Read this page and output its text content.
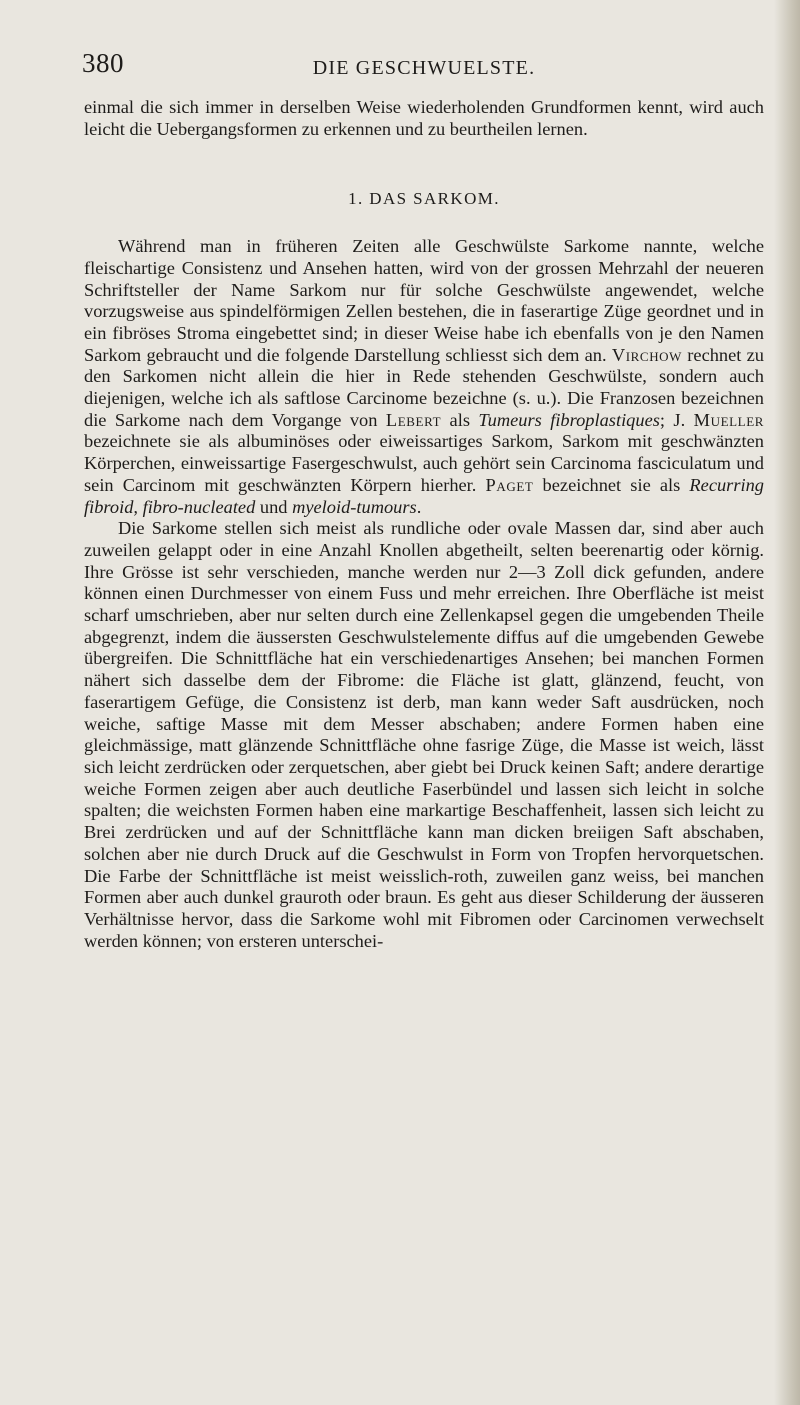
380	DIE GESCHWUELSTE.

einmal die sich immer in derselben Weise wiederholenden Grundformen kennt, wird auch leicht die Uebergangsformen zu erkennen und zu beurtheilen lernen.

1. DAS SARKOM.

Während man in früheren Zeiten alle Geschwülste Sarkome nannte, welche fleischartige Consistenz und Ansehen hatten, wird von der grossen Mehrzahl der neueren Schriftsteller der Name Sarkom nur für solche Geschwülste angewendet, welche vorzugsweise aus spindelförmigen Zellen bestehen, die in faserartige Züge geordnet und in ein fibröses Stroma eingebettet sind; in dieser Weise habe ich ebenfalls von je den Namen Sarkom gebraucht und die folgende Darstellung schliesst sich dem an. Virchow rechnet zu den Sarkomen nicht allein die hier in Rede stehenden Geschwülste, sondern auch diejenigen, welche ich als saftlose Carcinome bezeichne (s. u.). Die Franzosen bezeichnen die Sarkome nach dem Vorgange von Lebert als Tumeurs fibroplastiques; J. Mueller bezeichnete sie als albuminöses oder eiweissartiges Sarkom, Sarkom mit geschwänzten Körperchen, einweissartige Fasergeschwulst, auch gehört sein Carcinoma fasciculatum und sein Carcinom mit geschwänzten Körpern hierher. Paget bezeichnet sie als Recurring fibroid, fibro-nucleated und myeloid-tumours.

Die Sarkome stellen sich meist als rundliche oder ovale Massen dar, sind aber auch zuweilen gelappt oder in eine Anzahl Knollen abgetheilt, selten beerenartig oder körnig. Ihre Grösse ist sehr verschieden, manche werden nur 2—3 Zoll dick gefunden, andere können einen Durchmesser von einem Fuss und mehr erreichen. Ihre Oberfläche ist meist scharf umschrieben, aber nur selten durch eine Zellenkapsel gegen die umgebenden Theile abgegrenzt, indem die äussersten Geschwulstelemente diffus auf die umgebenden Gewebe übergreifen. Die Schnittfläche hat ein verschiedenartiges Ansehen; bei manchen Formen nähert sich dasselbe dem der Fibrome: die Fläche ist glatt, glänzend, feucht, von faserartigem Gefüge, die Consistenz ist derb, man kann weder Saft ausdrücken, noch weiche, saftige Masse mit dem Messer abschaben; andere Formen haben eine gleichmässige, matt glänzende Schnittfläche ohne fasrige Züge, die Masse ist weich, lässt sich leicht zerdrücken oder zerquetschen, aber giebt bei Druck keinen Saft; andere derartige weiche Formen zeigen aber auch deutliche Faserbündel und lassen sich leicht in solche spalten; die weichsten Formen haben eine markartige Beschaffenheit, lassen sich leicht zu Brei zerdrücken und auf der Schnittfläche kann man dicken breiigen Saft abschaben, solchen aber nie durch Druck auf die Geschwulst in Form von Tropfen hervorquetschen. Die Farbe der Schnittfläche ist meist weisslich-roth, zuweilen ganz weiss, bei manchen Formen aber auch dunkel grauroth oder braun. Es geht aus dieser Schilderung der äusseren Verhältnisse hervor, dass die Sarkome wohl mit Fibromen oder Carcinomen verwechselt werden können; von ersteren unterschei-
